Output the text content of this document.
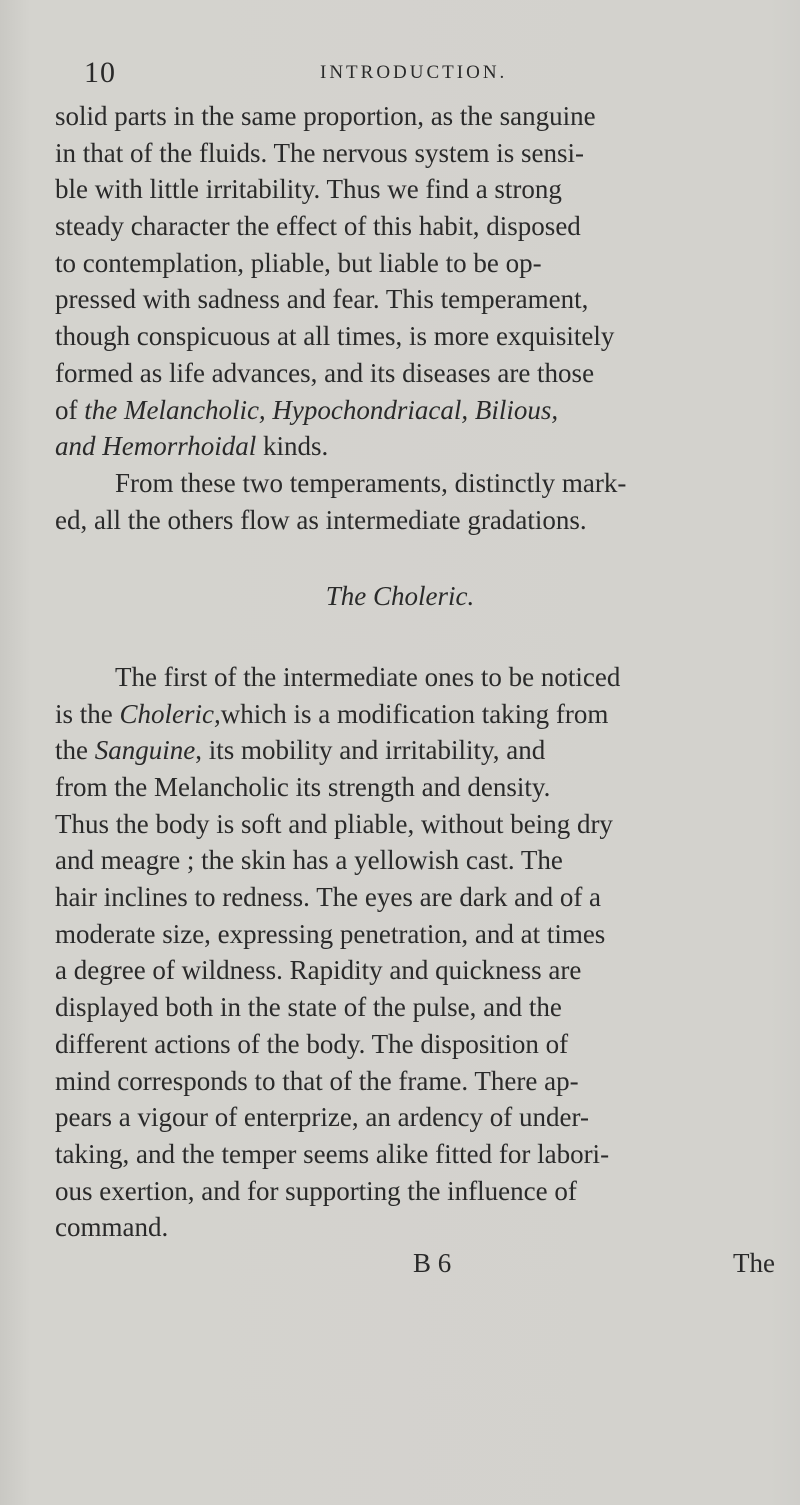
10	INTRODUCTION.
solid parts in the same proportion, as the sanguine
in that of the fluids. The nervous system is sensi-
ble with little irritability. Thus we find a strong
steady character the effect of this habit, disposed
to contemplation, pliable, but liable to be op-
pressed with sadness and fear. This temperament,
though conspicuous at all times, is more exquisitely
formed as life advances, and its diseases are those
of the Melancholic, Hypochondriacal, Bilious,
and Hemorrhoidal kinds.
From these two temperaments, distinctly mark-
ed, all the others flow as intermediate gradations.
The Choleric.
The first of the intermediate ones to be noticed
is the Choleric,which is a modification taking from
the Sanguine, its mobility and irritability, and
from the Melancholic its strength and density.
Thus the body is soft and pliable, without being dry
and meagre ; the skin has a yellowish cast. The
hair inclines to redness. The eyes are dark and of a
moderate size, expressing penetration, and at times
a degree of wildness. Rapidity and quickness are
displayed both in the state of the pulse, and the
different actions of the body. The disposition of
mind corresponds to that of the frame. There ap-
pears a vigour of enterprize, an ardency of under-
taking, and the temper seems alike fitted for labori-
ous exertion, and for supporting the influence of
command.
B 6	The
